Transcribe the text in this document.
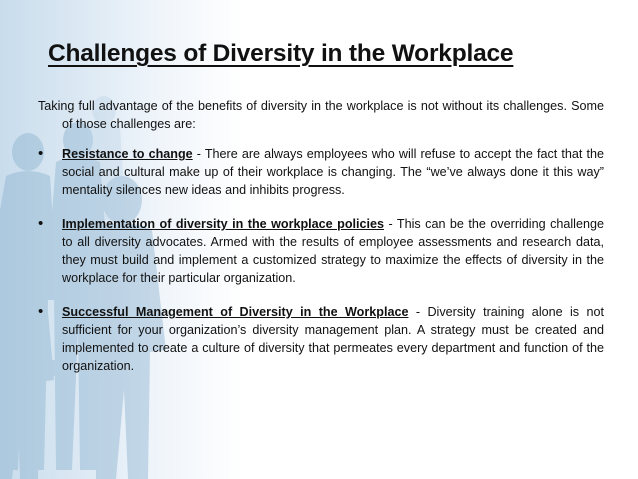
Challenges of Diversity in the Workplace

Taking full advantage of the benefits of diversity in the workplace is not without its challenges. Some of those challenges are:

• Resistance to change - There are always employees who will refuse to accept the fact that the social and cultural make up of their workplace is changing. The “we’ve always done it this way” mentality silences new ideas and inhibits progress.
• Implementation of diversity in the workplace policies - This can be the overriding challenge to all diversity advocates. Armed with the results of employee assessments and research data, they must build and implement a customized strategy to maximize the effects of diversity in the workplace for their particular organization.
• Successful Management of Diversity in the Workplace - Diversity training alone is not sufficient for your organization’s diversity management plan. A strategy must be created and implemented to create a culture of diversity that permeates every department and function of the organization.
